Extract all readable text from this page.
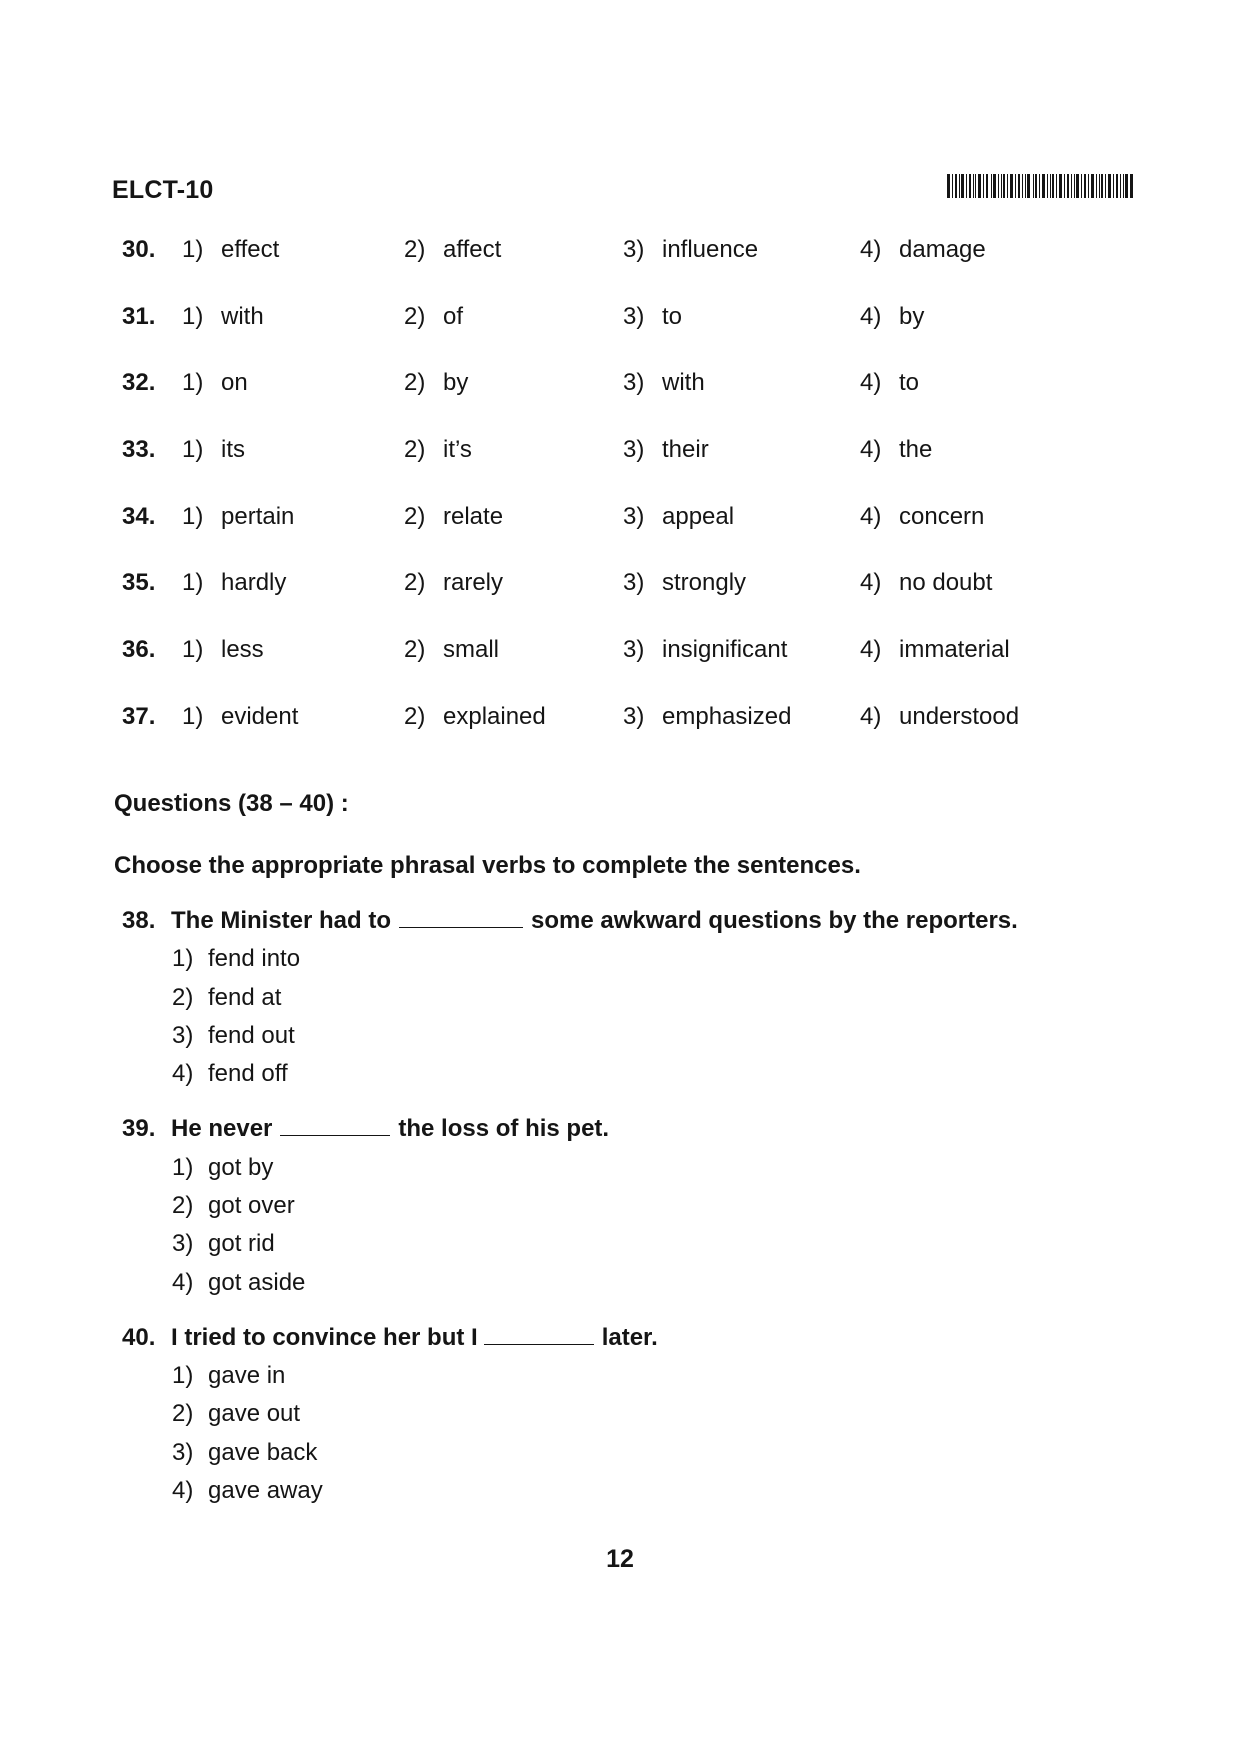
ELCT-10
30. 1) effect	2) affect	3) influence	4) damage
31. 1) with	2) of	3) to	4) by
32. 1) on	2) by	3) with	4) to
33. 1) its	2) it’s	3) their	4) the
34. 1) pertain	2) relate	3) appeal	4) concern
35. 1) hardly	2) rarely	3) strongly	4) no doubt
36. 1) less	2) small	3) insignificant	4) immaterial
37. 1) evident	2) explained	3) emphasized	4) understood
Questions (38 – 40) :
Choose the appropriate phrasal verbs to complete the sentences.
38. The Minister had to	some awkward questions by the reporters.
1) fend into
2) fend at
3) fend out
4) fend off
39. He never	the loss of his pet.
1) got by
2) got over
3) got rid
4) got aside
40. I tried to convince her but I	later.
1) gave in
2) gave out
3) gave back
4) gave away
12
